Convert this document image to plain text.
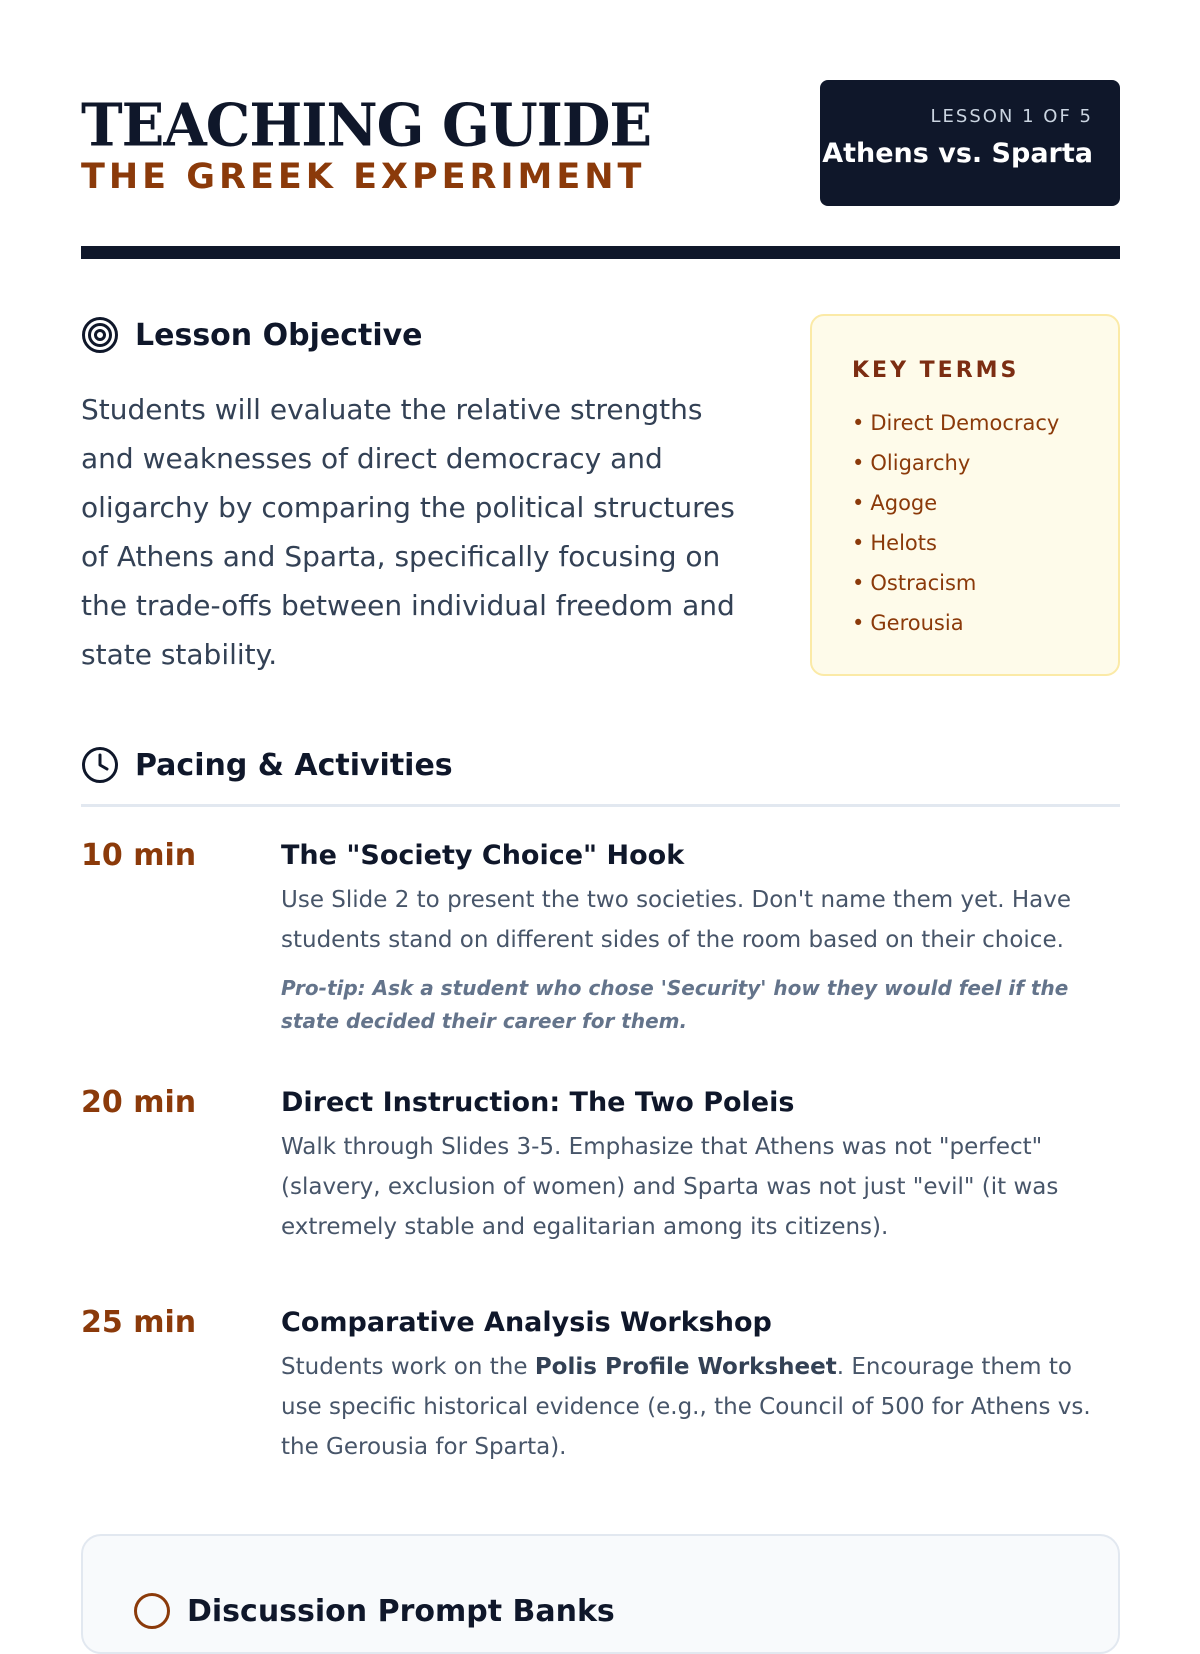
TEACHING GUIDE
THE GREEK EXPERIMENT
LESSON 1 OF 5
Athens vs. Sparta
Lesson Objective

Students will evaluate the relative strengths and weaknesses of direct democracy and oligarchy by comparing the political structures of Athens and Sparta, specifically focusing on the trade-offs between individual freedom and state stability.

KEY TERMS
• Direct Democracy
• Oligarchy
• Agoge
• Helots
• Ostracism
• Gerousia
Pacing & Activities
10 min	The "Society Choice" Hook
Use Slide 2 to present the two societies. Don't name them yet. Have students stand on different sides of the room based on their choice.
Pro-tip: Ask a student who chose 'Security' how they would feel if the state decided their career for them.
20 min	Direct Instruction: The Two Poleis
Walk through Slides 3-5. Emphasize that Athens was not "perfect" (slavery, exclusion of women) and Sparta was not just "evil" (it was extremely stable and egalitarian among its citizens).
25 min	Comparative Analysis Workshop
Students work on the Polis Profile Worksheet. Encourage them to use specific historical evidence (e.g., the Council of 500 for Athens vs. the Gerousia for Sparta).
Discussion Prompt Banks
